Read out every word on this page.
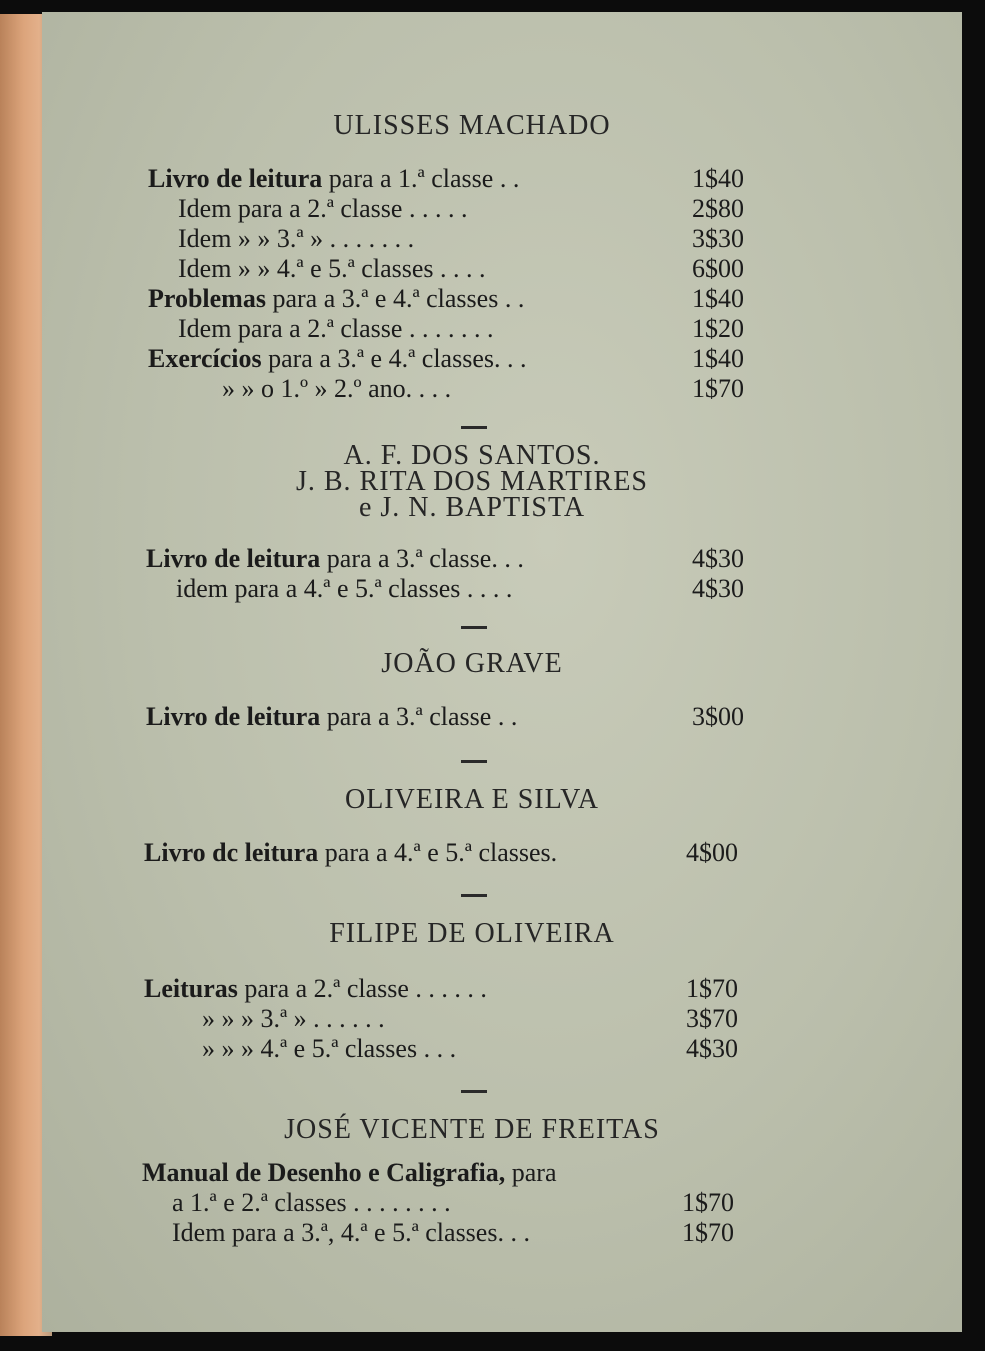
ULISSES MACHADO
Livro de leitura para a 1.ª classe . .	1$40
Idem para a 2.ª classe . . . . .	2$80
Idem » » 3.ª » . . . . . . .	3$30
Idem » » 4.ª e 5.ª classes . . . .	6$00
Problemas para a 3.ª e 4.ª classes . .	1$40
Idem para a 2.ª classe . . . . . . .	1$20
Exercícios para a 3.ª e 4.ª classes. . .	1$40
» » o 1.º » 2.º ano. . . .	1$70
A. F. DOS SANTOS.
J. B. RITA DOS MARTIRES
e J. N. BAPTISTA
Livro de leitura para a 3.ª classe. . .	4$30
idem para a 4.ª e 5.ª classes . . . .	4$30
JOÃO GRAVE
Livro de leitura para a 3.ª classe . .	3$00
OLIVEIRA E SILVA
Livro dc leitura para a 4.ª e 5.ª classes.	4$00
FILIPE DE OLIVEIRA
Leituras para a 2.ª classe . . . . . .	1$70
» » » 3.ª » . . . . . .	3$70
» » » 4.ª e 5.ª classes . . .	4$30
JOSÉ VICENTE DE FREITAS
Manual de Desenho e Caligrafia, para
a 1.ª e 2.ª classes . . . . . . . .	1$70
Idem para a 3.ª, 4.ª e 5.ª classes. . .	1$70
